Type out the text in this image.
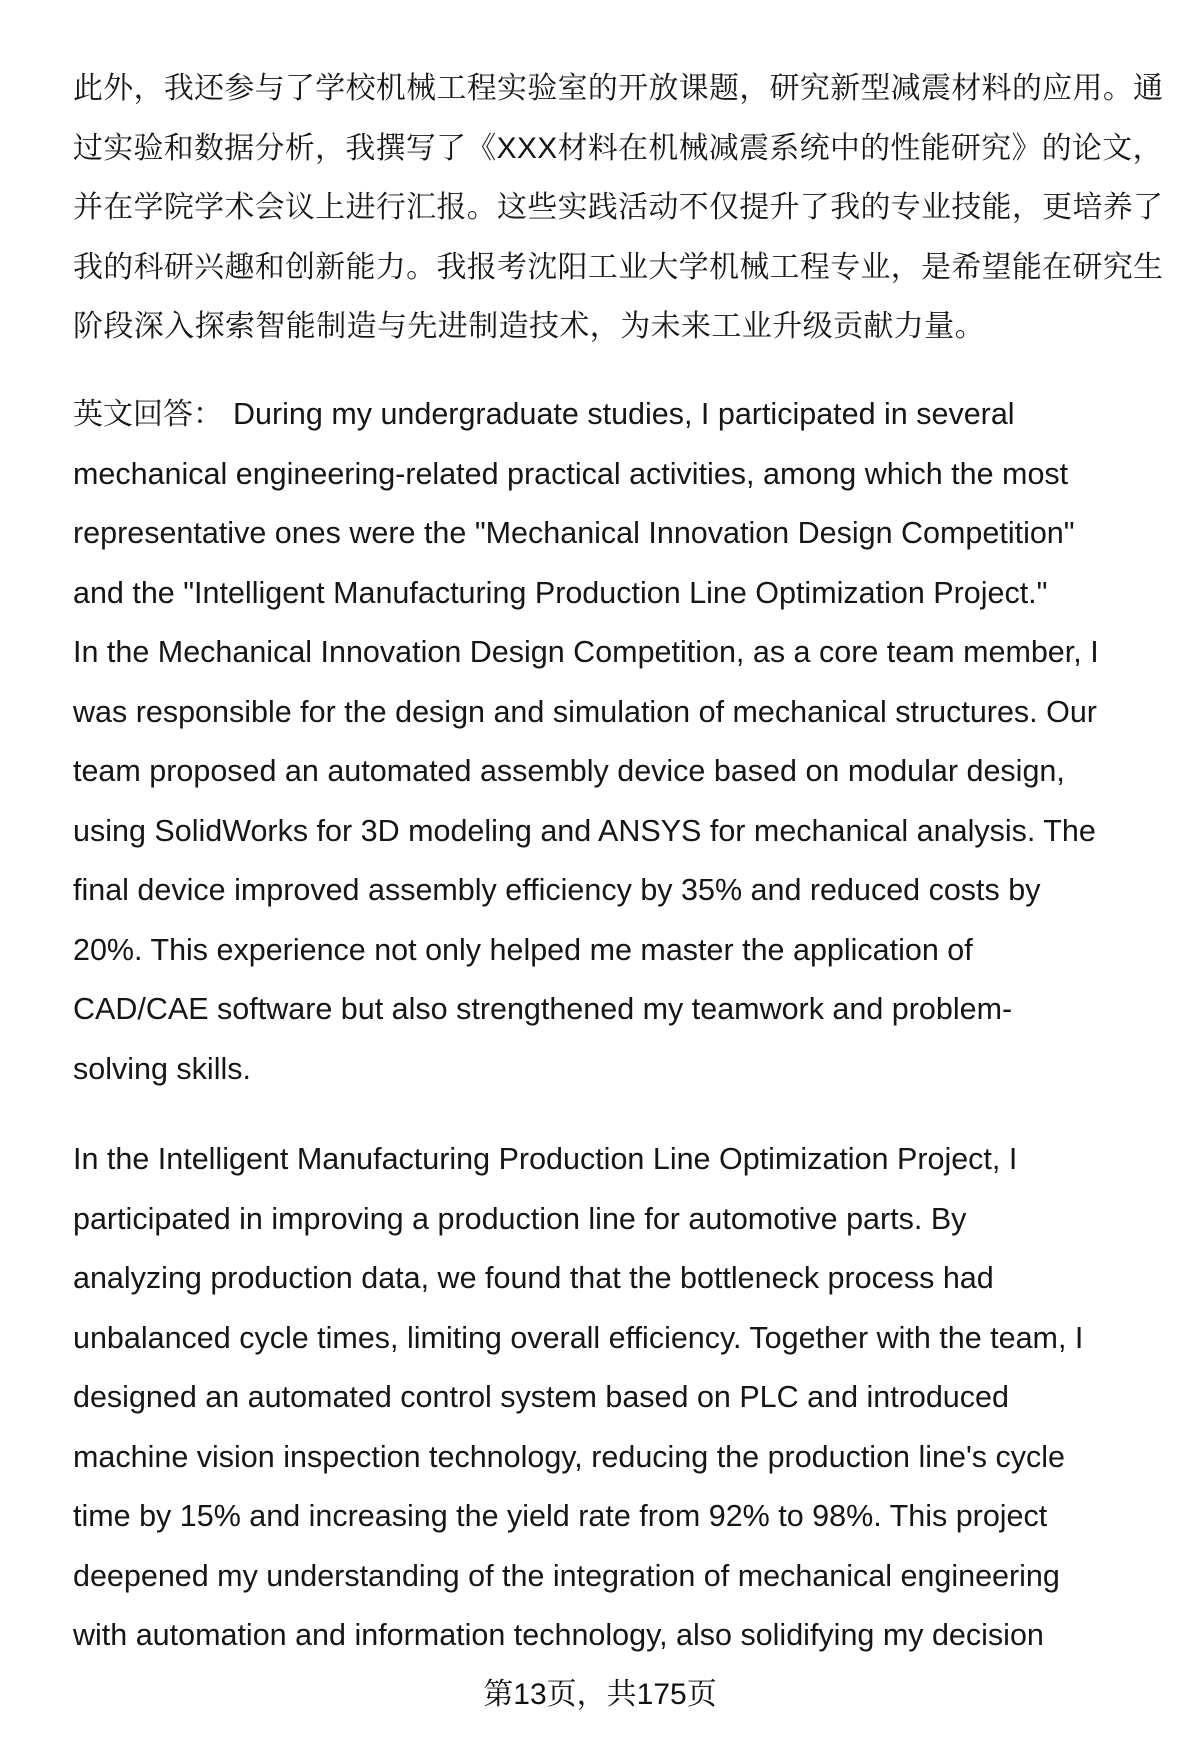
此外，我还参与了学校机械工程实验室的开放课题，研究新型减震材料的应用。通
过实验和数据分析，我撰写了《XXX材料在机械减震系统中的性能研究》的论文，
并在学院学术会议上进行汇报。这些实践活动不仅提升了我的专业技能，更培养了
我的科研兴趣和创新能力。我报考沈阳工业大学机械工程专业，是希望能在研究生
阶段深入探索智能制造与先进制造技术，为未来工业升级贡献力量。
英文回答： During my undergraduate studies, I participated in several
mechanical engineering-related practical activities, among which the most
representative ones were the "Mechanical Innovation Design Competition"
and the "Intelligent Manufacturing Production Line Optimization Project."
In the Mechanical Innovation Design Competition, as a core team member, I
was responsible for the design and simulation of mechanical structures. Our
team proposed an automated assembly device based on modular design,
using SolidWorks for 3D modeling and ANSYS for mechanical analysis. The
final device improved assembly efficiency by 35% and reduced costs by
20%. This experience not only helped me master the application of
CAD/CAE software but also strengthened my teamwork and problem-
solving skills.
In the Intelligent Manufacturing Production Line Optimization Project, I
participated in improving a production line for automotive parts. By
analyzing production data, we found that the bottleneck process had
unbalanced cycle times, limiting overall efficiency. Together with the team, I
designed an automated control system based on PLC and introduced
machine vision inspection technology, reducing the production line's cycle
time by 15% and increasing the yield rate from 92% to 98%. This project
deepened my understanding of the integration of mechanical engineering
with automation and information technology, also solidifying my decision
第13页，共175页
